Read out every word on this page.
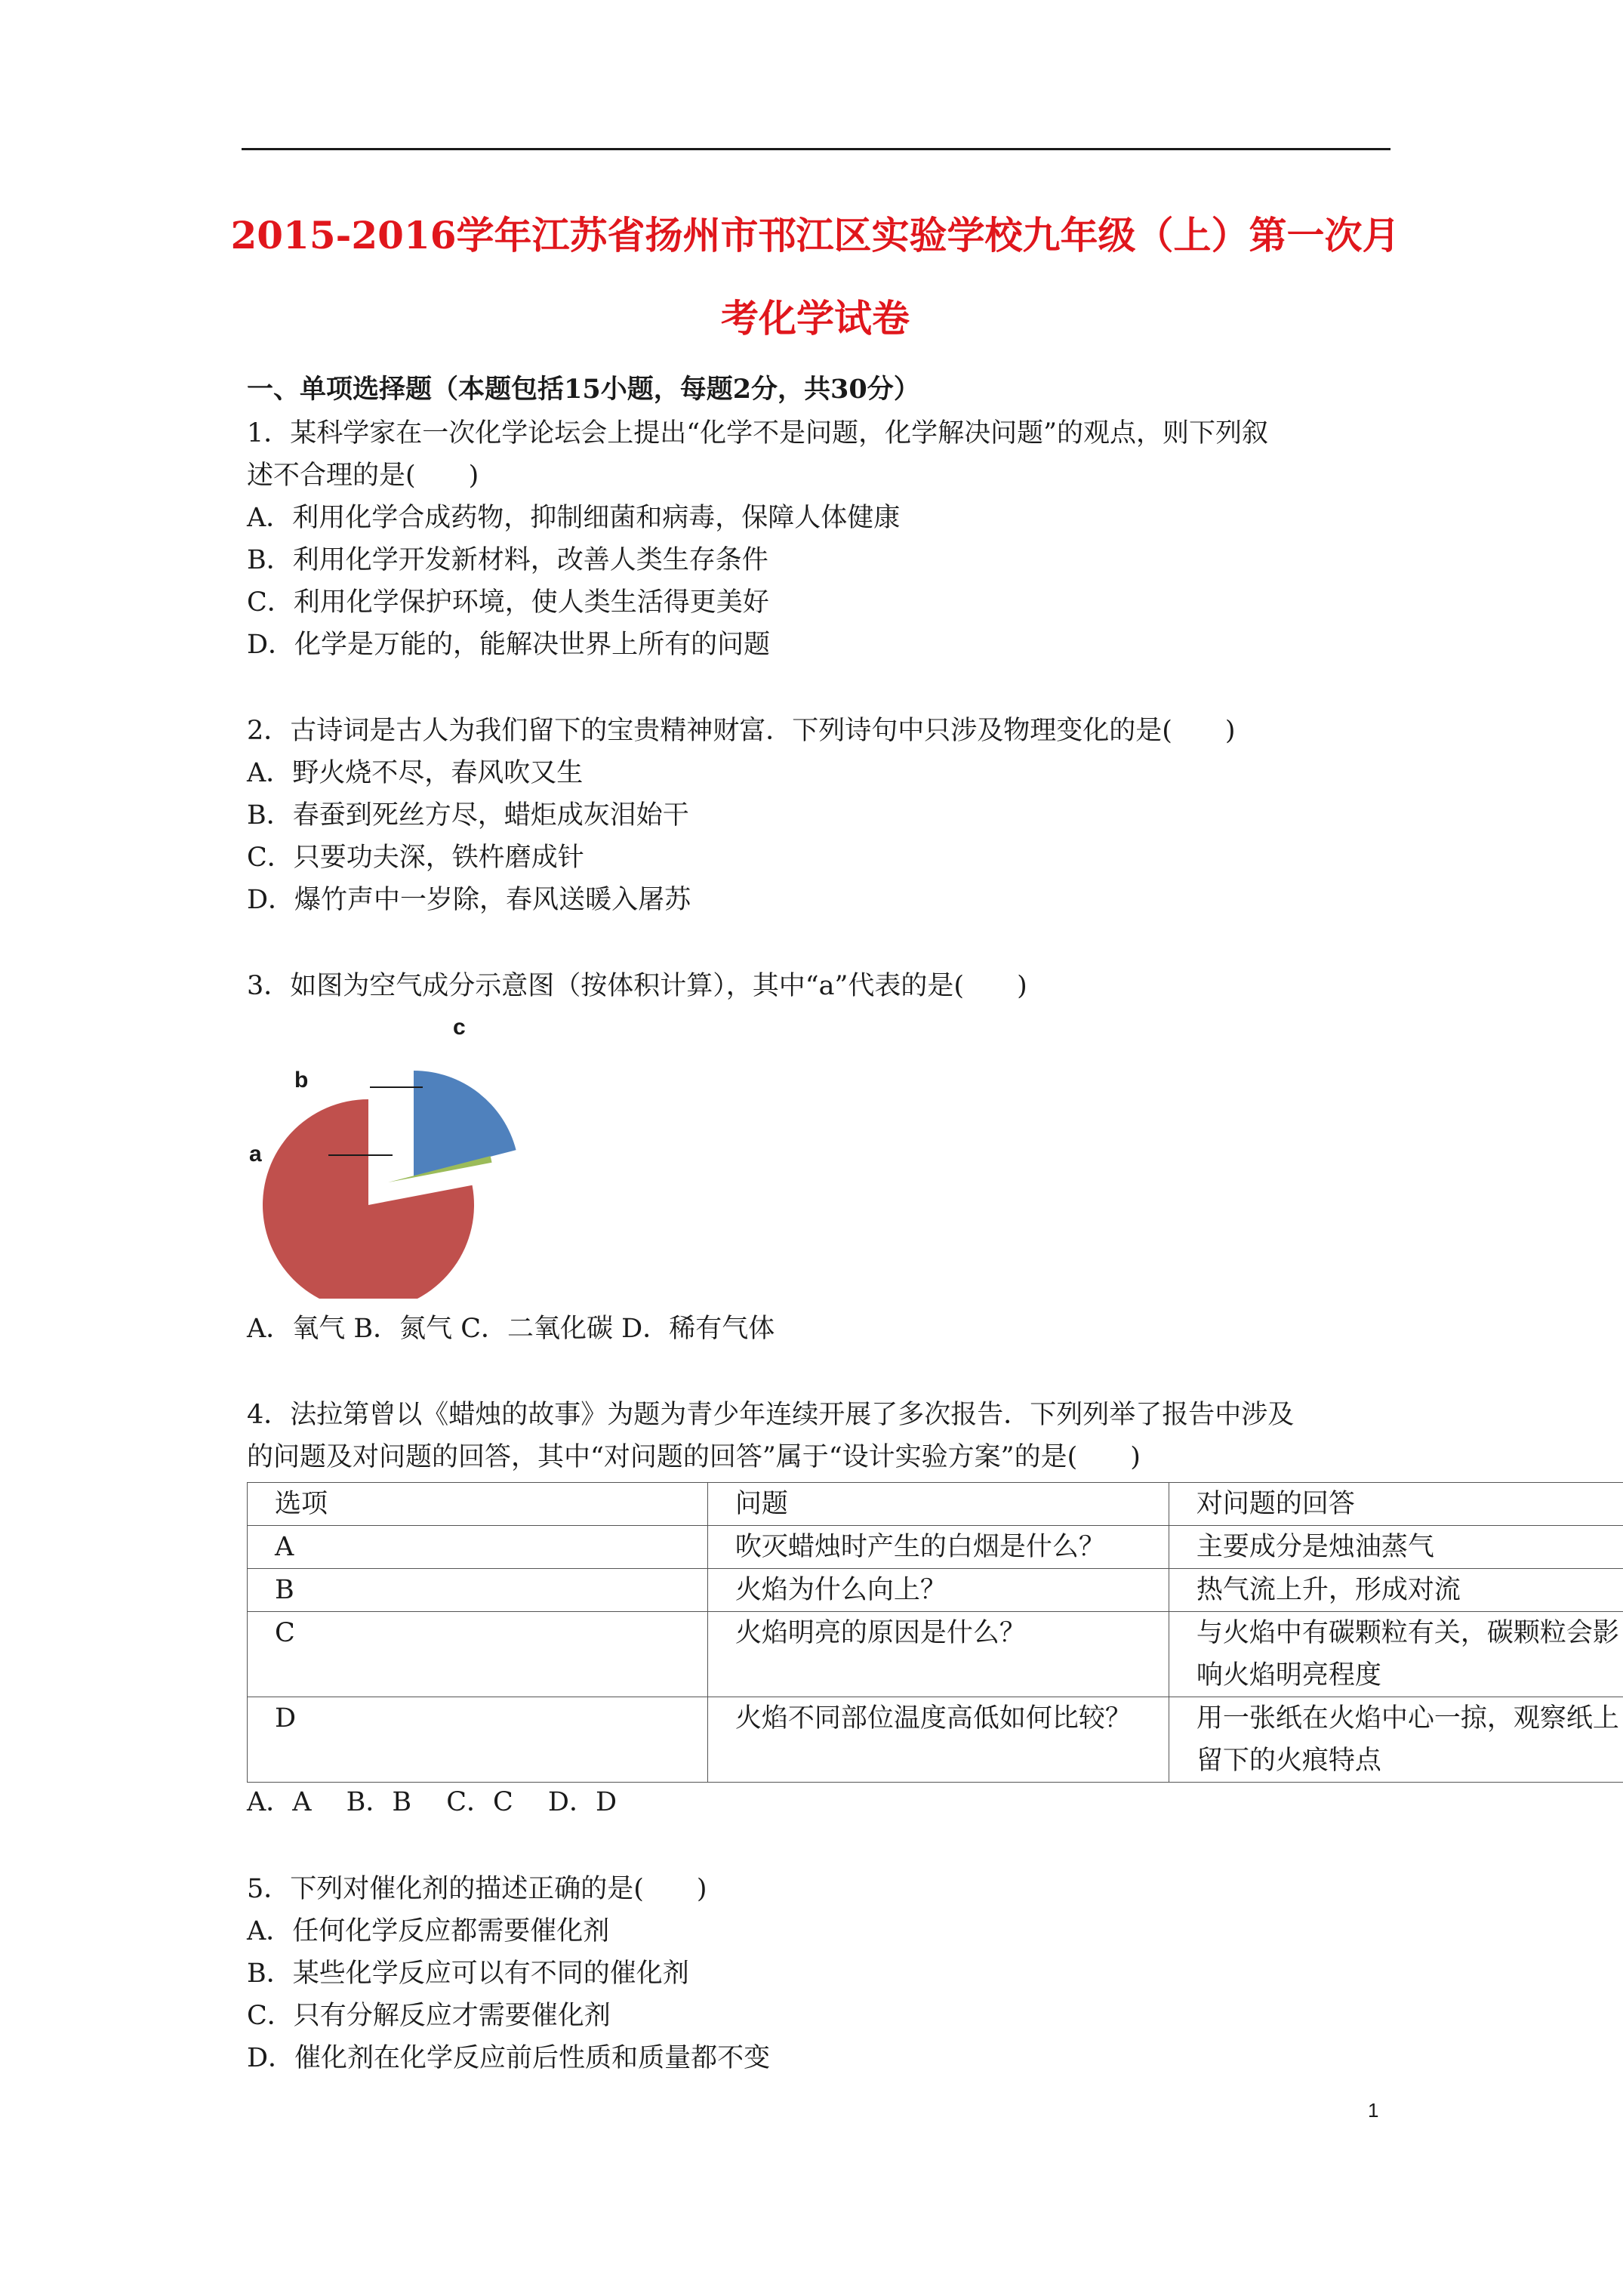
2015-2016学年江苏省扬州市邗江区实验学校九年级（上）第一次月
考化学试卷
一、单项选择题（本题包括15小题，每题2分，共30分）
1．某科学家在一次化学论坛会上提出“化学不是问题，化学解决问题”的观点，则下列叙
述不合理的是(　　)
A．利用化学合成药物，抑制细菌和病毒，保障人体健康
B．利用化学开发新材料，改善人类生存条件
C．利用化学保护环境，使人类生活得更美好
D．化学是万能的，能解决世界上所有的问题
2．古诗词是古人为我们留下的宝贵精神财富．下列诗句中只涉及物理变化的是(　　)
A．野火烧不尽，春风吹又生
B．春蚕到死丝方尽，蜡炬成灰泪始干
C．只要功夫深，铁杵磨成针
D．爆竹声中一岁除，春风送暖入屠苏
3．如图为空气成分示意图（按体积计算），其中“a”代表的是(　　)
c
b
a
A．氧气 B．氮气 C．二氧化碳 D．稀有气体
4．法拉第曾以《蜡烛的故事》为题为青少年连续开展了多次报告．下列列举了报告中涉及
的问题及对问题的回答，其中“对问题的回答”属于“设计实验方案”的是(　　)
选项	问题	对问题的回答
A	吹灭蜡烛时产生的白烟是什么？	主要成分是烛油蒸气
B	火焰为什么向上？	热气流上升，形成对流
C	火焰明亮的原因是什么？	与火焰中有碳颗粒有关，碳颗粒会影响火焰明亮程度
D	火焰不同部位温度高低如何比较？	用一张纸在火焰中心一掠，观察纸上留下的火痕特点
A．A　 B．B　 C．C　 D．D
5．下列对催化剂的描述正确的是(　　)
A．任何化学反应都需要催化剂
B．某些化学反应可以有不同的催化剂
C．只有分解反应才需要催化剂
D．催化剂在化学反应前后性质和质量都不变
1
